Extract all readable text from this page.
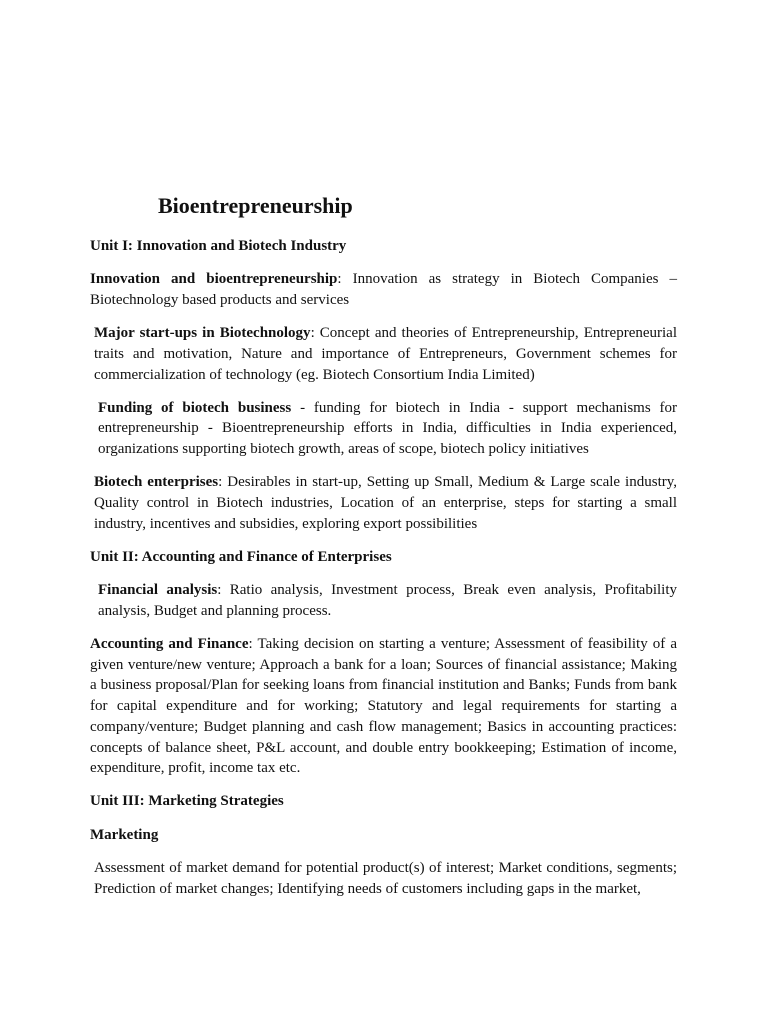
Bioentrepreneurship

Unit I: Innovation and Biotech Industry

Innovation and bioentrepreneurship: Innovation as strategy in Biotech Companies – Biotechnology based products and services

Major start-ups in Biotechnology: Concept and theories of Entrepreneurship, Entrepreneurial traits and motivation, Nature and importance of Entrepreneurs, Government schemes for commercialization of technology (eg. Biotech Consortium India Limited)

Funding of biotech business - funding for biotech in India - support mechanisms for entrepreneurship - Bioentrepreneurship efforts in India, difficulties in India experienced, organizations supporting biotech growth, areas of scope, biotech policy initiatives

Biotech enterprises: Desirables in start-up, Setting up Small, Medium & Large scale industry, Quality control in Biotech industries, Location of an enterprise, steps for starting a small industry, incentives and subsidies, exploring export possibilities

Unit II: Accounting and Finance of Enterprises

Financial analysis: Ratio analysis, Investment process, Break even analysis, Profitability analysis, Budget and planning process.

Accounting and Finance: Taking decision on starting a venture; Assessment of feasibility of a given venture/new venture; Approach a bank for a loan; Sources of financial assistance; Making a business proposal/Plan for seeking loans from financial institution and Banks; Funds from bank for capital expenditure and for working; Statutory and legal requirements for starting a company/venture; Budget planning and cash flow management; Basics in accounting practices: concepts of balance sheet, P&L account, and double entry bookkeeping; Estimation of income, expenditure, profit, income tax etc.

Unit III: Marketing Strategies

Marketing

Assessment of market demand for potential product(s) of interest; Market conditions, segments; Prediction of market changes; Identifying needs of customers including gaps in the market,
